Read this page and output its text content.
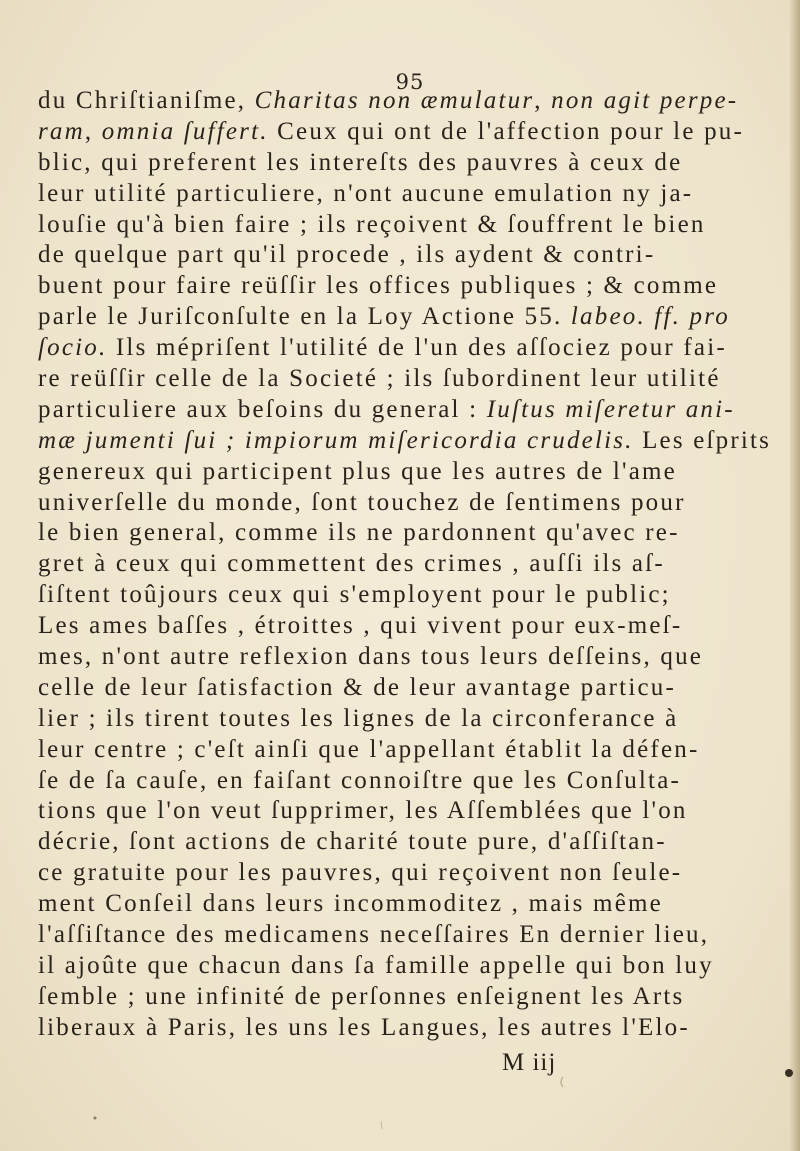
95
du Chriſtianiſme, Charitas non æmulatur, non agit perpe-
ram, omnia ſuffert. Ceux qui ont de l'affection pour le pu-
blic, qui preferent les intereſts des pauvres à ceux de
leur utilité particuliere, n'ont aucune emulation ny ja-
louſie qu'à bien faire ; ils reçoivent & ſouffrent le bien
de quelque part qu'il procede , ils aydent & contri-
buent pour faire reüſſir les offices publiques ; & comme
parle le Juriſconſulte en la Loy Actione 55. labeo. ff. pro
ſocio. Ils mépriſent l'utilité de l'un des aſſociez pour fai-
re reüſſir celle de la Societé ; ils ſubordinent leur utilité
particuliere aux beſoins du general : Iuſtus miſeretur ani-
mæ jumenti ſui ; impiorum miſericordia crudelis. Les eſprits
genereux qui participent plus que les autres de l'ame
univerſelle du monde, ſont touchez de ſentimens pour
le bien general, comme ils ne pardonnent qu'avec re-
gret à ceux qui commettent des crimes , auſſi ils aſ-
ſiſtent toûjours ceux qui s'employent pour le public;
Les ames baſſes , étroittes , qui vivent pour eux-meſ-
mes, n'ont autre reflexion dans tous leurs deſſeins, que
celle de leur ſatisfaction & de leur avantage particu-
lier ; ils tirent toutes les lignes de la circonferance à
leur centre ; c'eſt ainſi que l'appellant établit la défen-
ſe de ſa cauſe, en faiſant connoiſtre que les Conſulta-
tions que l'on veut ſupprimer, les Aſſemblées que l'on
décrie, ſont actions de charité toute pure, d'aſſiſtan-
ce gratuite pour les pauvres, qui reçoivent non ſeule-
ment Conſeil dans leurs incommoditez , mais même
l'aſſiſtance des medicamens neceſſaires En dernier lieu,
il ajoûte que chacun dans ſa famille appelle qui bon luy
ſemble ; une infinité de perſonnes enſeignent les Arts
liberaux à Paris, les uns les Langues, les autres l'Elo-
M iij
